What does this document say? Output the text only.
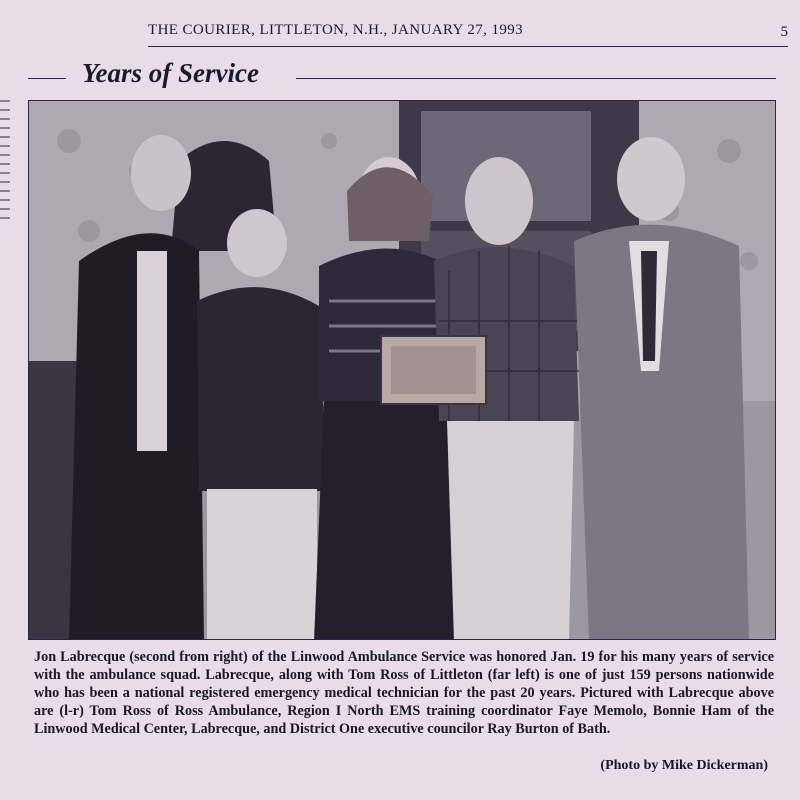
THE COURIER, LITTLETON, N.H., JANUARY 27, 1993	5
Years of Service
Jon Labrecque (second from right) of the Linwood Ambulance Service was honored Jan. 19 for his many years of service with the ambulance squad. Labrecque, along with Tom Ross of Littleton (far left) is one of just 159 persons nationwide who has been a national registered emergency medical technician for the past 20 years. Pictured with Labrecque above are (l-r) Tom Ross of Ross Ambulance, Region I North EMS training coordinator Faye Memolo, Bonnie Ham of the Linwood Medical Center, Labrecque, and District One executive councilor Ray Burton of Bath.
(Photo by Mike Dickerman)
